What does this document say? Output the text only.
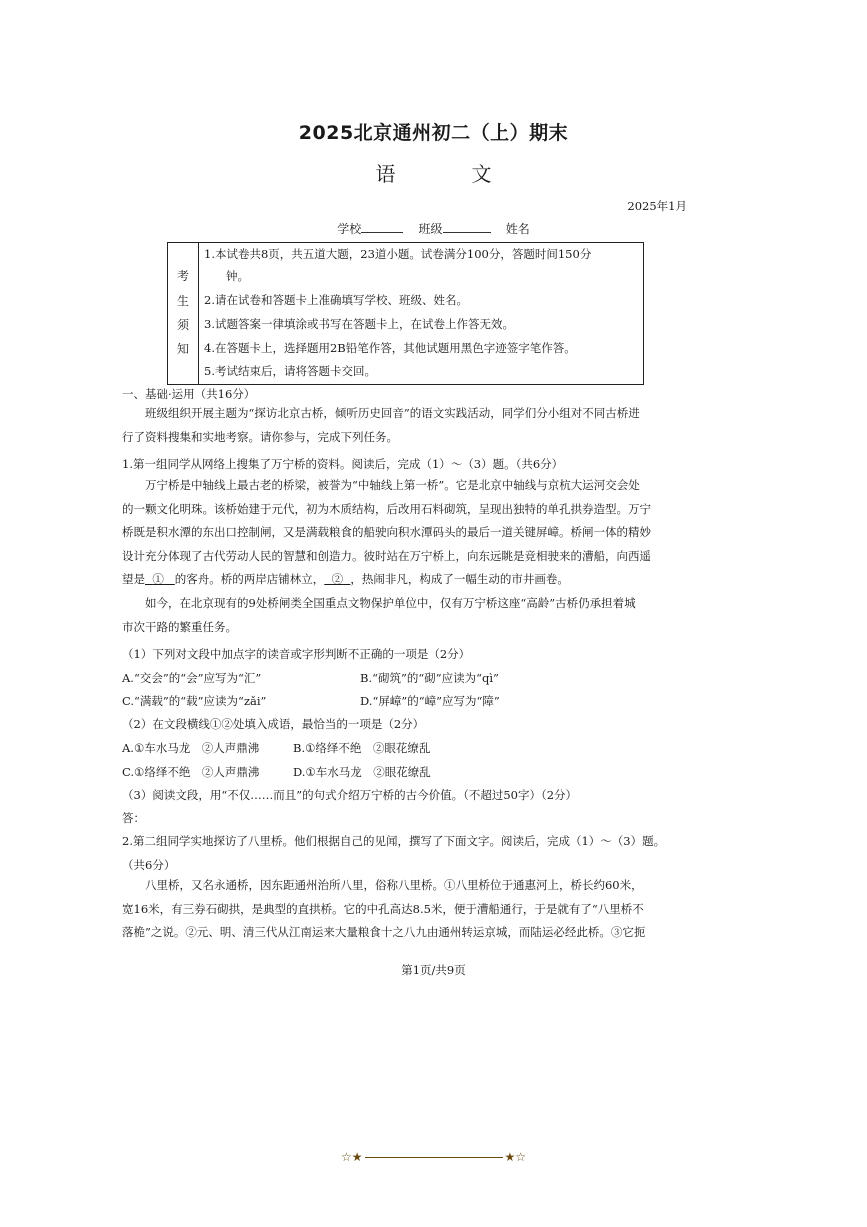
2025北京通州初二（上）期末
语	文
2025年1月
学校	班级	姓名
考
生
须
知
1.本试卷共8页，共五道大题，23道小题。试卷满分100分，答题时间150分
钟。
2.请在试卷和答题卡上准确填写学校、班级、姓名。
3.试题答案一律填涂或书写在答题卡上，在试卷上作答无效。
4.在答题卡上，选择题用2B铅笔作答，其他试题用黑色字迹签字笔作答。
5.考试结束后，请将答题卡交回。
一、基础·运用（共16分）

班级组织开展主题为“探访北京古桥，倾听历史回音”的语文实践活动，同学们分小组对不同古桥进

行了资料搜集和实地考察。请你参与，完成下列任务。
1.第一组同学从网络上搜集了万宁桥的资料。阅读后，完成（1）～（3）题。（共6分）

万宁桥是中轴线上最古老的桥梁，被誉为“中轴线上第一桥”。它是北京中轴线与京杭大运河交会处

的一颗文化明珠。该桥始建于元代，初为木质结构，后改用石料砌筑，呈现出独特的单孔拱券造型。万宁
桥既是积水潭的东出口控制闸，又是满载粮食的船驶向积水潭码头的最后一道关键屏嶂。桥闸一体的精妙
设计充分体现了古代劳动人民的智慧和创造力。彼时站在万宁桥上，向东远眺是竞相驶来的漕船，向西遥
望是 ① 的客舟。桥的两岸店铺林立， ② ，热闹非凡，构成了一幅生动的市井画卷。

如今，在北京现有的9处桥闸类全国重点文物保护单位中，仅有万宁桥这座“高龄”古桥仍承担着城

市次干路的繁重任务。
（1）下列对文段中加点字的读音或字形判断不正确的一项是（2分）
A.“交会”的“会”应写为“汇”	B.“砌筑”的“砌”应读为“qì”
C.“满载”的“载”应读为“zǎi”	D.“屏嶂”的“嶂”应写为“障”
（2）在文段横线①②处填入成语，最恰当的一项是（2分）
A.①车水马龙　②人声鼎沸	B.①络绎不绝　②眼花缭乱
C.①络绎不绝　②人声鼎沸	D.①车水马龙　②眼花缭乱
（3）阅读文段，用“不仅……而且”的句式介绍万宁桥的古今价值。（不超过50字）（2分）
答：
2.第二组同学实地探访了八里桥。他们根据自己的见闻，撰写了下面文字。阅读后，完成（1）～（3）题。
（共6分）

八里桥，又名永通桥，因东距通州治所八里，俗称八里桥。①八里桥位于通惠河上，桥长约60米，

宽16米，有三券石砌拱，是典型的直拱桥。它的中孔高达8.5米，便于漕船通行，于是就有了“八里桥不
落桅”之说。②元、明、清三代从江南运来大量粮食十之八九由通州转运京城，而陆运必经此桥。③它扼
第1页/共9页
☆★	★☆
